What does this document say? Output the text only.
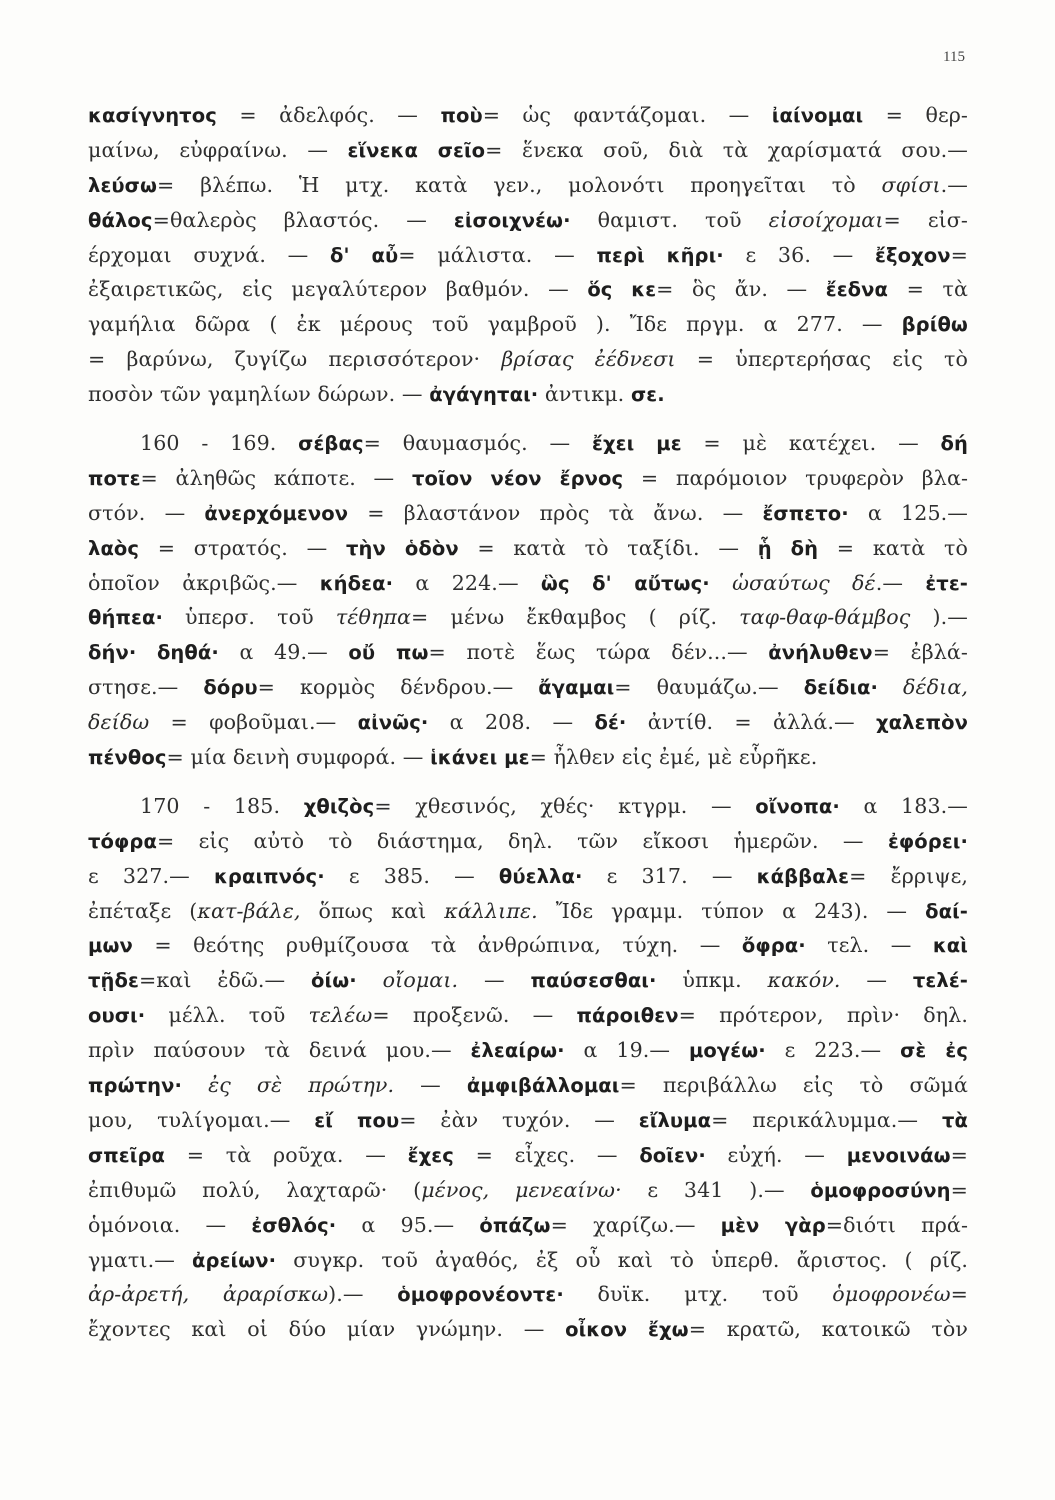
115
κασίγνητος = ἀδελφός. — ποὺ= ὡς φαντάζομαι. — ἰαίνομαι = θερ-
μαίνω, εὐφραίνω. — εἵνεκα σεῖο= ἕνεκα σοῦ, διὰ τὰ χαρίσματά σου.—
λεύσω= βλέπω. Ἡ μτχ. κατὰ γεν., μολονότι προηγεῖται τὸ σφίσι.—
θάλος=θαλερὸς βλαστός. — εἰσοιχνέω· θαμιστ. τοῦ εἰσοίχομαι= εἰσ-
έρχομαι συχνά. — δ' αὖ= μάλιστα. — περὶ κῆρι· ε 36. — ἔξοχον=
ἐξαιρετικῶς, εἰς μεγαλύτερον βαθμόν. — ὅς κε= ὃς ἄν. — ἔεδνα = τὰ
γαμήλια δῶρα ( ἐκ μέρους τοῦ γαμβροῦ ). Ἴδε πργμ. α 277. — βρίθω
= βαρύνω, ζυγίζω περισσότερον· βρίσας ἐέδνεσι = ὑπερτερήσας εἰς τὸ
ποσὸν τῶν γαμηλίων δώρων. — ἀγάγηται· ἀντικμ. σε.
160 - 169. σέβας= θαυμασμός. — ἔχει με = μὲ κατέχει. — δή
ποτε= ἀληθῶς κάποτε. — τοῖον νέον ἔρνος = παρόμοιον τρυφερὸν βλα-
στόν. — ἀνερχόμενον = βλαστάνον πρὸς τὰ ἄνω. — ἔσπετο· α 125.—
λαὸς = στρατός. — τὴν ὁδὸν = κατὰ τὸ ταξίδι. — ᾗ δὴ = κατὰ τὸ
ὁποῖον ἀκριβῶς.— κήδεα· α 224.— ὣς δ' αὔτως· ὡσαύτως δέ.— ἐτε-
θήπεα· ὑπερσ. τοῦ τέθηπα= μένω ἔκθαμβος ( ρίζ. ταφ-θαφ-θάμβος ).—
δήν· δηθά· α 49.— οὔ πω= ποτὲ ἕως τώρα δέν...— ἀνήλυθεν= ἐβλά-
στησε.— δόρυ= κορμὸς δένδρου.— ἄγαμαι= θαυμάζω.— δείδια· δέδια,
δείδω = φοβοῦμαι.— αἰνῶς· α 208. — δέ· ἀντίθ. = ἀλλά.— χαλεπὸν
πένθος= μία δεινὴ συμφορά. — ἱκάνει με= ἦλθεν εἰς ἐμέ, μὲ εὗρῆκε.
170 - 185. χθιζὸς= χθεσινός, χθές· κτγρμ. — οἴνοπα· α 183.—
τόφρα= εἰς αὐτὸ τὸ διάστημα, δηλ. τῶν εἴκοσι ἡμερῶν. — ἐφόρει·
ε 327.— κραιπνός· ε 385. — θύελλα· ε 317. — κάββαλε= ἔρριψε,
ἐπέταξε (κατ-βάλε, ὅπως καὶ κάλλιπε. Ἴδε γραμμ. τύπον α 243). — δαί-
μων = θεότης ρυθμίζουσα τὰ ἀνθρώπινα, τύχη. — ὄφρα· τελ. — καὶ
τῇδε=καὶ ἐδῶ.— ὀίω· οἴομαι. — παύσεσθαι· ὑπκμ. κακόν. — τελέ-
ουσι· μέλλ. τοῦ τελέω= προξενῶ. — πάροιθεν= πρότερον, πρὶν· δηλ.
πρὶν παύσουν τὰ δεινά μου.— ἐλεαίρω· α 19.— μογέω· ε 223.— σὲ ἐς
πρώτην· ἐς σὲ πρώτην. — ἀμφιβάλλομαι= περιβάλλω εἰς τὸ σῶμά
μου, τυλίγομαι.— εἴ που= ἐὰν τυχόν. — εἴλυμα= περικάλυμμα.— τὰ
σπεῖρα = τὰ ροῦχα. — ἔχες = εἶχες. — δοῖεν· εὐχή. — μενοινάω=
ἐπιθυμῶ πολύ, λαχταρῶ· (μένος, μενεαίνω· ε 341 ).— ὁμοφροσύνη=
ὁμόνοια. — ἐσθλός· α 95.— ὀπάζω= χαρίζω.— μὲν γὰρ=διότι πρά-
γματι.— ἀρείων· συγκρ. τοῦ ἀγαθός, ἐξ οὗ καὶ τὸ ὑπερθ. ἄριστος. ( ρίζ.
ἀρ-ἀρετή, ἀραρίσκω).— ὁμοφρονέοντε· δυϊκ. μτχ. τοῦ ὁμοφρονέω=
ἔχοντες καὶ οἱ δύο μίαν γνώμην. — οἶκον ἔχω= κρατῶ, κατοικῶ τὸν
